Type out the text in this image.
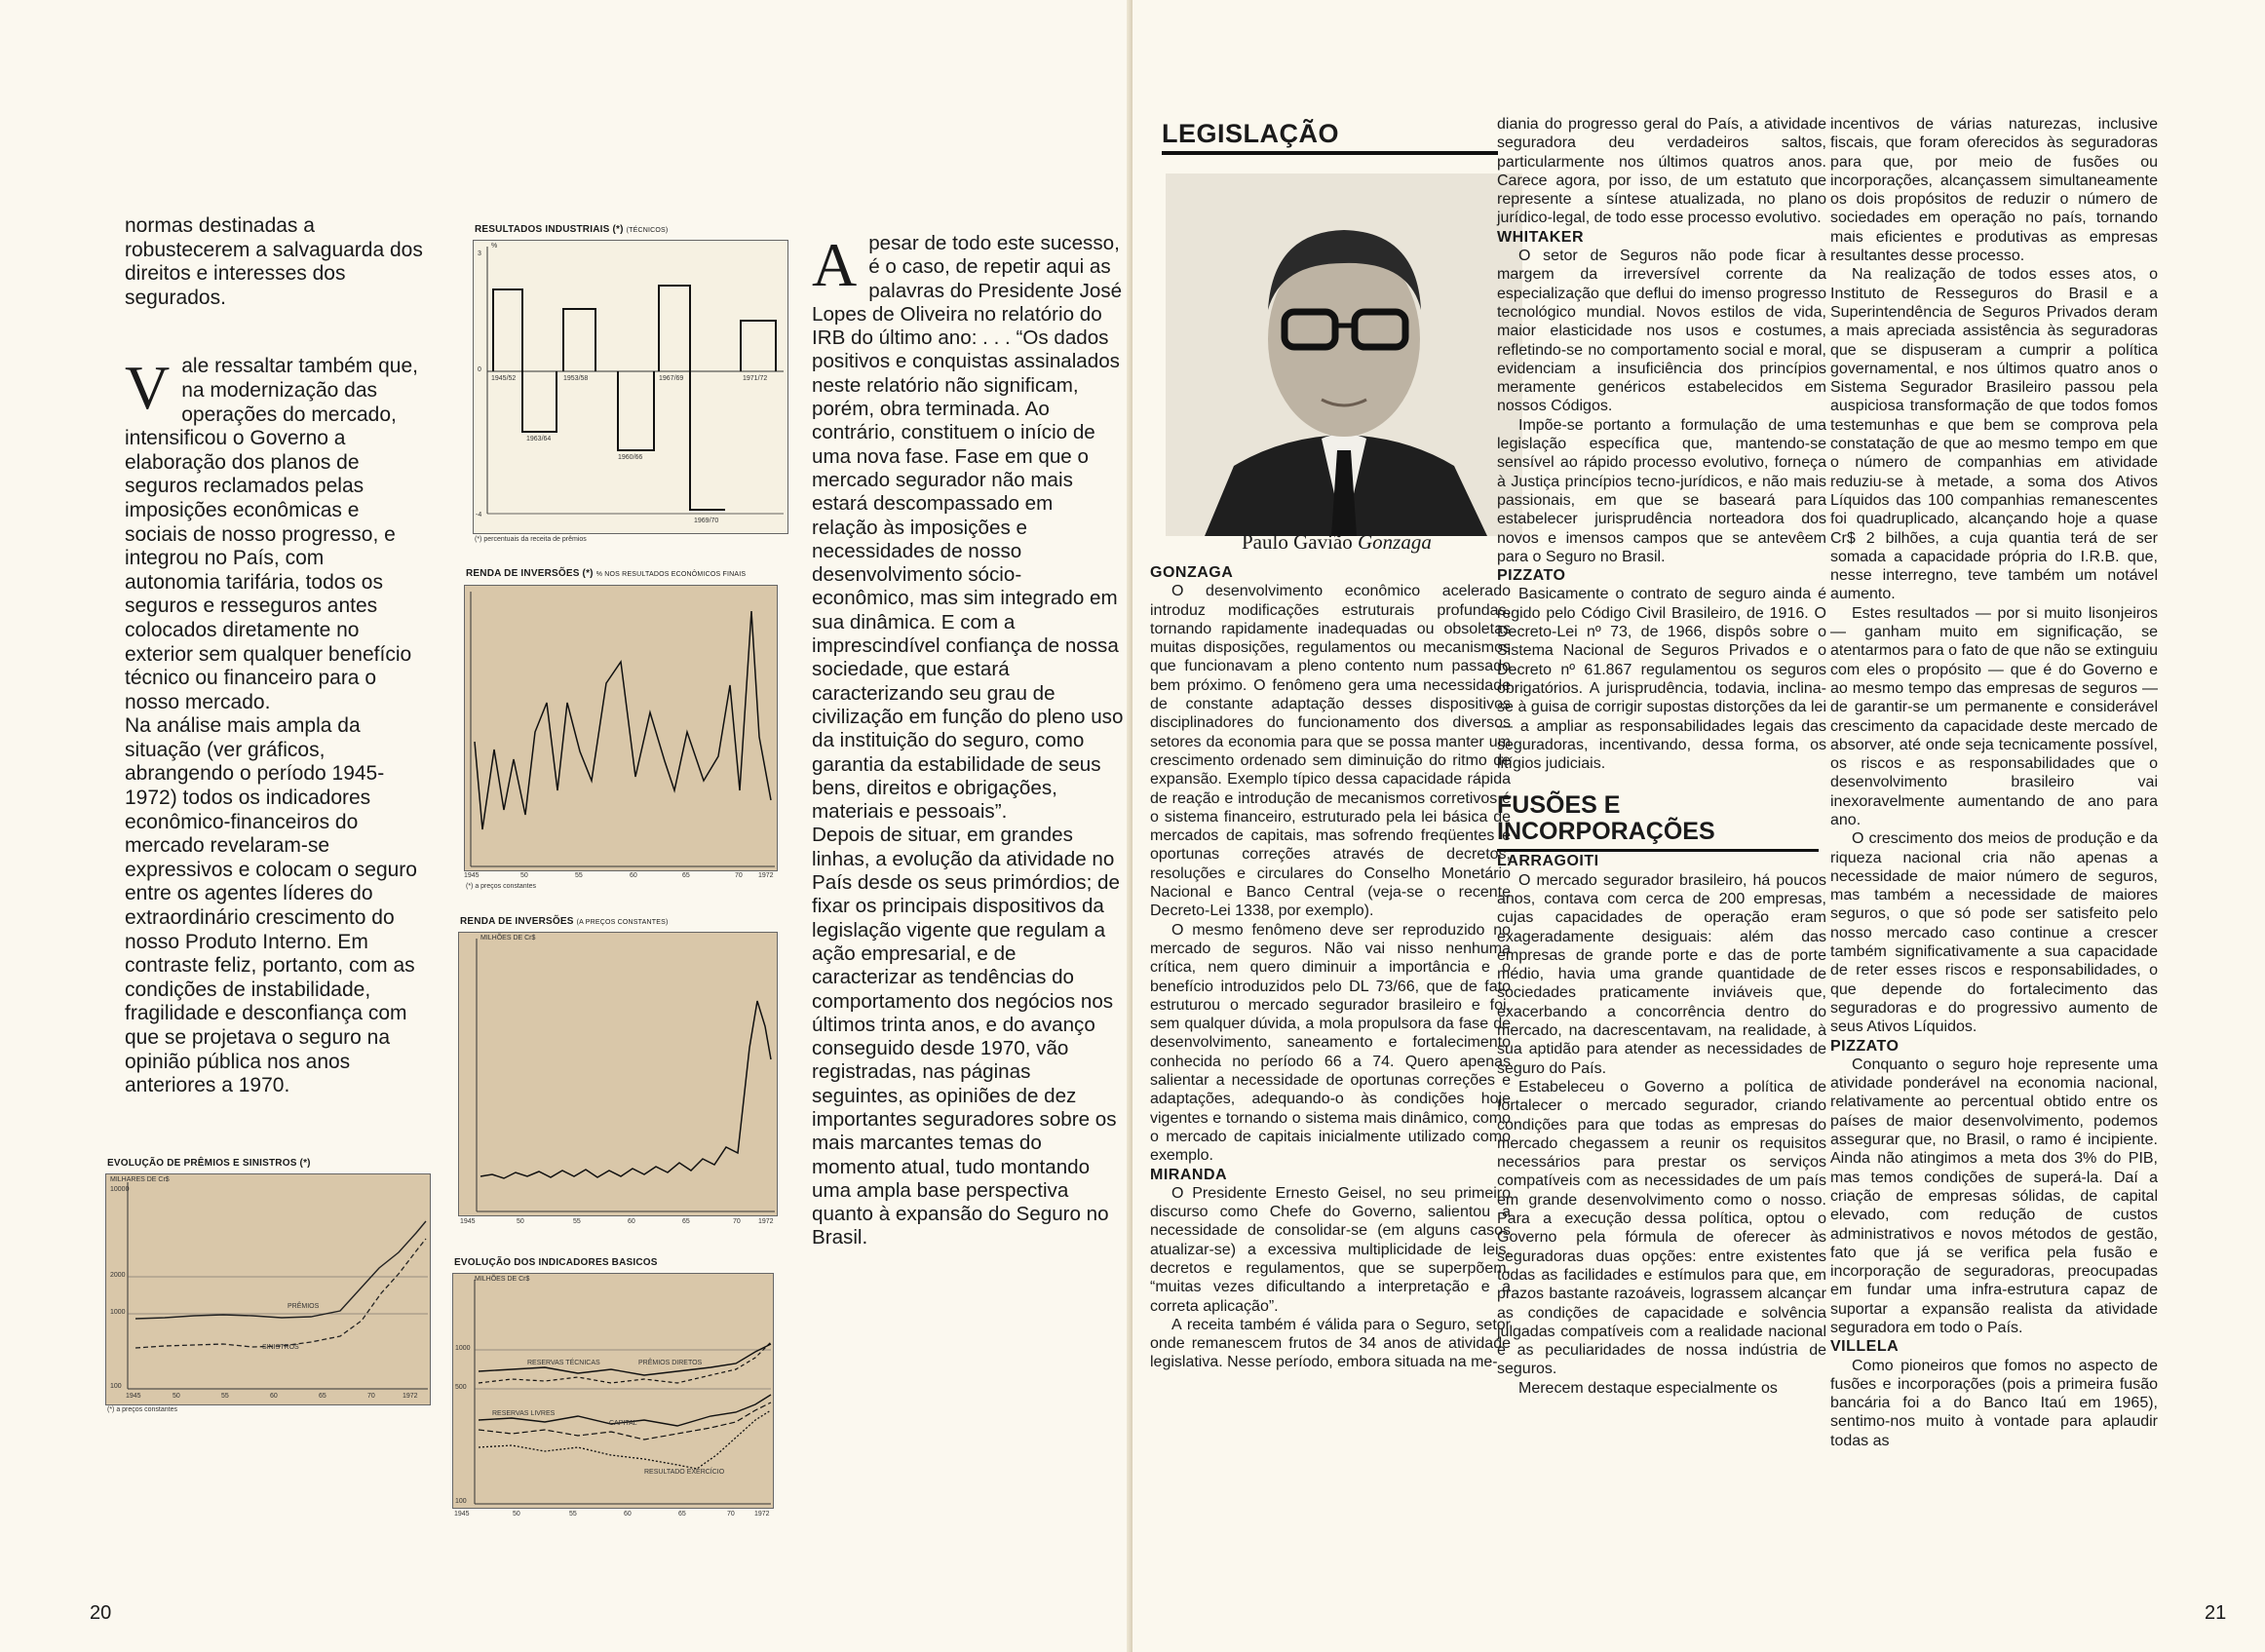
normas destinadas a robustecerem a salvaguarda dos direitos e interesses dos segurados.

Vale ressaltar também que, na modernização das operações do mercado, intensificou o Governo a elaboração dos planos de seguros reclamados pelas imposições econômicas e sociais de nosso progresso, e integrou no País, com autonomia tarifária, todos os seguros e resseguros antes colocados diretamente no exterior sem qualquer benefício técnico ou financeiro para o nosso mercado.

Na análise mais ampla da situação (ver gráficos, abrangendo o período 1945-1972) todos os indicadores econômico-financeiros do mercado revelaram-se expressivos e colocam o seguro entre os agentes líderes do extraordinário crescimento do nosso Produto Interno. Em contraste feliz, portanto, com as condições de instabilidade, fragilidade e desconfiança com que se projetava o seguro na opinião pública nos anos anteriores a 1970.

Apesar de todo este sucesso, é o caso, de repetir aqui as palavras do Presidente José Lopes de Oliveira no relatório do IRB do último ano: . . . “Os dados positivos e conquistas assinalados neste relatório não significam, porém, obra terminada. Ao contrário, constituem o início de uma nova fase. Fase em que o mercado segurador não mais estará descompassado em relação às imposições e necessidades de nosso desenvolvimento sócio-econômico, mas sim integrado em sua dinâmica. E com a imprescindível confiança de nossa sociedade, que estará caracterizando seu grau de civilização em função do pleno uso da instituição do seguro, como garantia da estabilidade de seus bens, direitos e obrigações, materiais e pessoais”.

Depois de situar, em grandes linhas, a evolução da atividade no País desde os seus primórdios; de fixar os principais dispositivos da legislação vigente que regulam a ação empresarial, e de caracterizar as tendências do comportamento dos negócios nos últimos trinta anos, e do avanço conseguido desde 1970, vão registradas, nas páginas seguintes, as opiniões de dez importantes seguradores sobre os mais marcantes temas do momento atual, tudo montando uma ampla base perspectiva quanto à expansão do Seguro no Brasil.

EVOLUÇÃO DE PRÊMIOS E SINISTROS (*)
MILHARES DE Cr$
10000
2000
1000
100
PRÊMIOS
SINISTROS
1945	50	55	60	65	70	1972
(*) a preços constantes
RESULTADOS INDUSTRIAIS (*) (TÉCNICOS)
%
3
0
-4
1945/52	1953/58
1963/64
1960/66
1967/69
1969/70
1971/72
(*) percentuais da receita de prêmios
RENDA DE INVERSÕES (*) % NOS RESULTADOS ECONÔMICOS FINAIS
1945	50	55	60	65	70 1972
(*) a preços constantes
RENDA DE INVERSÕES (A PREÇOS CONSTANTES)
MILHÕES DE Cr$
1945	50	55	60	65	70	1972
EVOLUÇÃO DOS INDICADORES BASICOS
MILHÕES DE Cr$
1000
500
100
RESERVAS TÉCNICAS	PRÊMIOS DIRETOS
RESERVAS LIVRES
CAPITAL
RESULTADO EXERCÍCIO
1945	50	55	60	65	70	1972
20
LEGISLAÇÃO
Paulo Gavião Gonzaga

GONZAGA

O desenvolvimento econômico acelerado introduz modificações estruturais profundas, tornando rapidamente inadequadas ou obsoletas muitas disposições, regulamentos ou mecanismos que funcionavam a pleno contento num passado bem próximo. O fenômeno gera uma necessidade de constante adaptação desses dispositivos disciplinadores do funcionamento dos diversos setores da economia para que se possa manter um crescimento ordenado sem diminuição do ritmo de expansão. Exemplo típico dessa capacidade rápida de reação e introdução de mecanismos corretivos é o sistema financeiro, estruturado pela lei básica de mercados de capitais, mas sofrendo freqüentes e oportunas correções através de decretos, resoluções e circulares do Conselho Monetário Nacional e Banco Central (veja-se o recente Decreto-Lei 1338, por exemplo).

O mesmo fenômeno deve ser reproduzido no mercado de seguros. Não vai nisso nenhuma crítica, nem quero diminuir a importância e o benefício introduzidos pelo DL 73/66, que de fato estruturou o mercado segurador brasileiro e foi, sem qualquer dúvida, a mola propulsora da fase de desenvolvimento, saneamento e fortalecimento conhecida no período 66 a 74. Quero apenas salientar a necessidade de oportunas correções e adaptações, adequando-o às condições hoje vigentes e tornando o sistema mais dinâmico, como o mercado de capitais inicialmente utilizado como exemplo.

MIRANDA

O Presidente Ernesto Geisel, no seu primeiro discurso como Chefe do Governo, salientou a necessidade de consolidar-se (em alguns casos atualizar-se) a excessiva multiplicidade de leis, decretos e regulamentos, que se superpõem, “muitas vezes dificultando a interpretação e a correta aplicação”.

A receita também é válida para o Seguro, setor onde remanescem frutos de 34 anos de atividade legislativa. Nesse período, embora situada na me-

diania do progresso geral do País, a atividade seguradora deu verdadeiros saltos, particularmente nos últimos quatros anos. Carece agora, por isso, de um estatuto que represente a síntese atualizada, no plano jurídico-legal, de todo esse processo evolutivo.

WHITAKER

O setor de Seguros não pode ficar à margem da irreversível corrente da especialização que deflui do imenso progresso tecnológico mundial. Novos estilos de vida, maior elasticidade nos usos e costumes, refletindo-se no comportamento social e moral, evidenciam a insuficiência dos princípios meramente genéricos estabelecidos em nossos Códigos.

Impõe-se portanto a formulação de uma legislação específica que, mantendo-se sensível ao rápido processo evolutivo, forneça à Justiça princípios tecno-jurídicos, e não mais passionais, em que se baseará para estabelecer jurisprudência norteadora dos novos e imensos campos que se antevêem para o Seguro no Brasil.

PIZZATO

Basicamente o contrato de seguro ainda é regido pelo Código Civil Brasileiro, de 1916. O Decreto-Lei nº 73, de 1966, dispôs sobre o Sistema Nacional de Seguros Privados e o Decreto nº 61.867 regulamentou os seguros obrigatórios. A jurisprudência, todavia, inclina-se à guisa de corrigir supostas distorções da lei — a ampliar as responsabilidades legais das seguradoras, incentivando, dessa forma, os litígios judiciais.

FUSÕES E
INCORPORAÇÕES

LARRAGOITI

O mercado segurador brasileiro, há poucos anos, contava com cerca de 200 empresas, cujas capacidades de operação eram exageradamente desiguais: além das empresas de grande porte e das de porte médio, havia uma grande quantidade de sociedades praticamente inviáveis que, exacerbando a concorrência dentro do mercado, na dacrescentavam, na realidade, à sua aptidão para atender as necessidades de seguro do País.

Estabeleceu o Governo a política de fortalecer o mercado segurador, criando condições para que todas as empresas do mercado chegassem a reunir os requisitos necessários para prestar os serviços compatíveis com as necessidades de um país em grande desenvolvimento como o nosso. Para a execução dessa política, optou o Governo pela fórmula de oferecer às seguradoras duas opções: entre existentes todas as facilidades e estímulos para que, em prazos bastante razoáveis, lograssem alcançar as condições de capacidade e solvência julgadas compatíveis com a realidade nacional e as peculiaridades de nossa indústria de seguros.

Merecem destaque especialmente os

incentivos de várias naturezas, inclusive fiscais, que foram oferecidos às seguradoras para que, por meio de fusões ou incorporações, alcançassem simultaneamente os dois propósitos de reduzir o número de sociedades em operação no país, tornando mais eficientes e produtivas as empresas resultantes desse processo.

Na realização de todos esses atos, o Instituto de Resseguros do Brasil e a Superintendência de Seguros Privados deram a mais apreciada assistência às seguradoras que se dispuseram a cumprir a política governamental, e nos últimos quatro anos o Sistema Segurador Brasileiro passou pela auspiciosa transformação de que todos fomos testemunhas e que bem se comprova pela constatação de que ao mesmo tempo em que o número de companhias em atividade reduziu-se à metade, a soma dos Ativos Líquidos das 100 companhias remanescentes foi quadruplicado, alcançando hoje a quase Cr$ 2 bilhões, a cuja quantia terá de ser somada a capacidade própria do I.R.B. que, nesse interregno, teve também um notável aumento.

Estes resultados — por si muito lisonjeiros — ganham muito em significação, se atentarmos para o fato de que não se extinguiu com eles o propósito — que é do Governo e ao mesmo tempo das empresas de seguros — de garantir-se um permanente e considerável crescimento da capacidade deste mercado de absorver, até onde seja tecnicamente possível, os riscos e as responsabilidades que o desenvolvimento brasileiro vai inexoravelmente aumentando de ano para ano.

O crescimento dos meios de produção e da riqueza nacional cria não apenas a necessidade de maior número de seguros, mas também a necessidade de maiores seguros, o que só pode ser satisfeito pelo nosso mercado caso continue a crescer também significativamente a sua capacidade de reter esses riscos e responsabilidades, o que depende do fortalecimento das seguradoras e do progressivo aumento de seus Ativos Líquidos.

PIZZATO

Conquanto o seguro hoje represente uma atividade ponderável na economia nacional, relativamente ao percentual obtido entre os países de maior desenvolvimento, podemos assegurar que, no Brasil, o ramo é incipiente. Ainda não atingimos a meta dos 3% do PIB, mas temos condições de superá-la. Daí a criação de empresas sólidas, de capital elevado, com redução de custos administrativos e novos métodos de gestão, fato que já se verifica pela fusão e incorporação de seguradoras, preocupadas em fundar uma infra-estrutura capaz de suportar a expansão realista da atividade seguradora em todo o País.

VILLELA

Como pioneiros que fomos no aspecto de fusões e incorporações (pois a primeira fusão bancária foi a do Banco Itaú em 1965), sentimo-nos muito à vontade para aplaudir todas as

21
